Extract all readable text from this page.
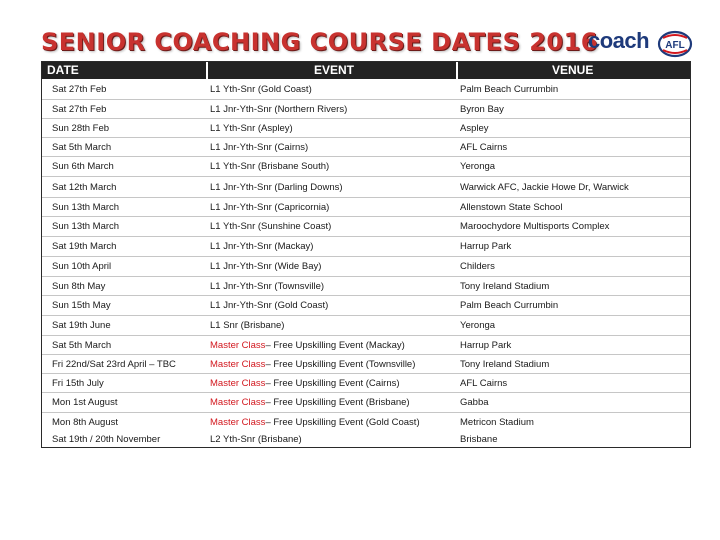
SENIOR COACHING COURSE DATES 2016
coach AFL
DATE	EVENT	VENUE
Sat 27th Feb	L1 Yth-Snr (Gold Coast)	Palm Beach Currumbin
Sat 27th Feb	L1 Jnr-Yth-Snr (Northern Rivers)	Byron Bay
Sun 28th Feb	L1 Yth-Snr (Aspley)	Aspley
Sat 5th March	L1 Jnr-Yth-Snr (Cairns)	AFL Cairns
Sun 6th March	L1 Yth-Snr (Brisbane South)	Yeronga
Sat 12th March	L1 Jnr-Yth-Snr (Darling Downs)	Warwick AFC, Jackie Howe Dr, Warwick
Sun 13th March	L1 Jnr-Yth-Snr (Capricornia)	Allenstown State School
Sun 13th March	L1 Yth-Snr (Sunshine Coast)	Maroochydore Multisports Complex
Sat 19th March	L1 Jnr-Yth-Snr (Mackay)	Harrup Park
Sun 10th April	L1 Jnr-Yth-Snr (Wide Bay)	Childers
Sun 8th May	L1 Jnr-Yth-Snr (Townsville)	Tony Ireland Stadium
Sun 15th May	L1 Jnr-Yth-Snr (Gold Coast)	Palm Beach Currumbin
Sat 19th June	L1 Snr (Brisbane)	Yeronga
Sat 5th March	Master Class – Free Upskilling Event (Mackay)	Harrup Park
Fri 22nd/Sat 23rd April – TBC	Master Class – Free Upskilling Event (Townsville)	Tony Ireland Stadium
Fri 15th July	Master Class – Free Upskilling Event (Cairns)	AFL Cairns
Mon 1st August	Master Class – Free Upskilling Event (Brisbane)	Gabba
Mon 8th August	Master Class – Free Upskilling Event (Gold Coast)	Metricon Stadium
Sat 19th / 20th November	L2 Yth-Snr (Brisbane)	Brisbane
